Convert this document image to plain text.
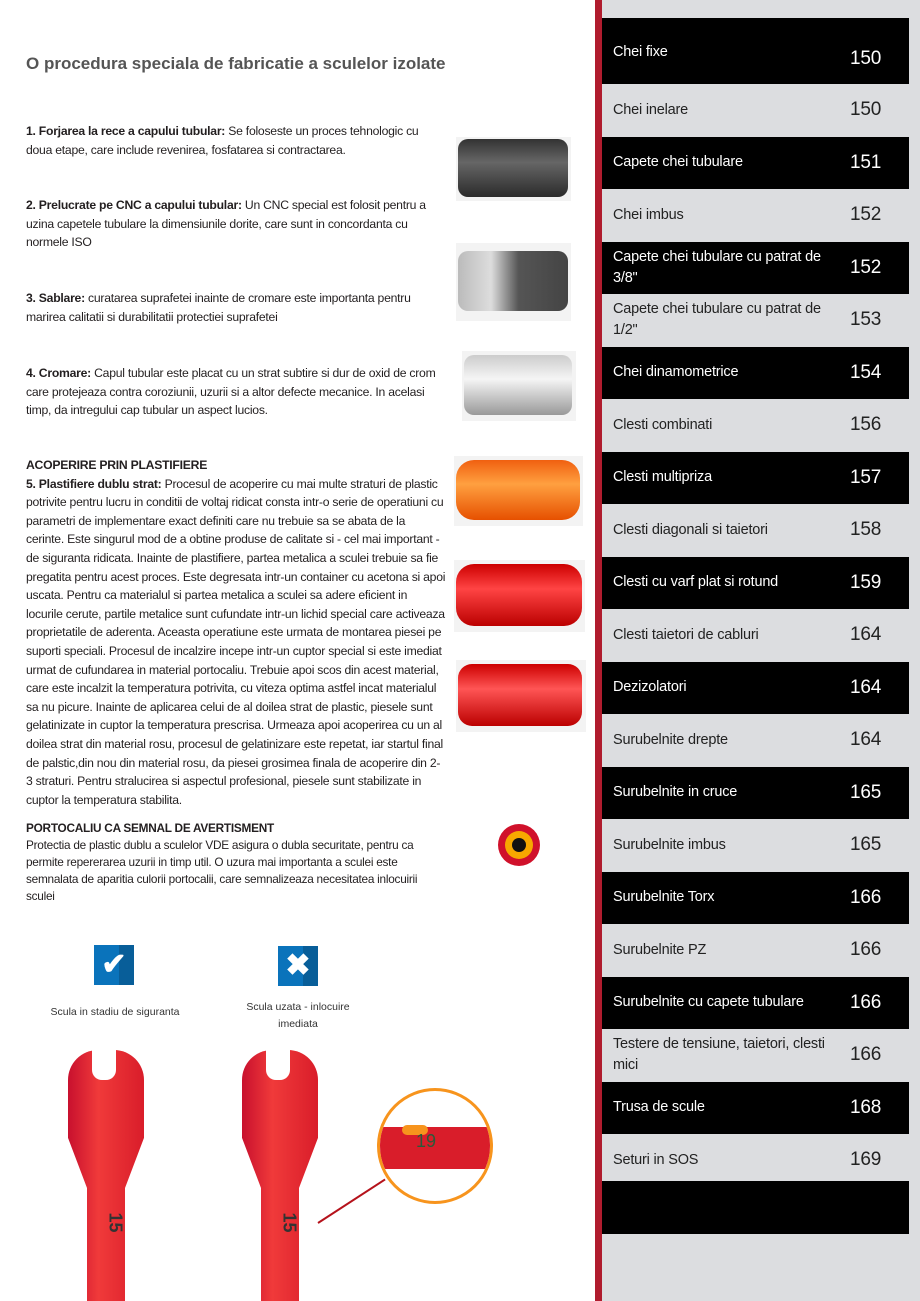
O procedura speciala de fabricatie a sculelor izolate
1. Forjarea la rece a capului tubular: Se foloseste un proces tehnologic cu doua etape, care include revenirea, fosfatarea si contractarea.
2. Prelucrate pe CNC a capului tubular: Un CNC special est folosit pentru a uzina capetele tubulare la dimensiunile dorite, care sunt in concordanta cu normele ISO
3. Sablare: curatarea suprafetei inainte de cromare este importanta pentru marirea calitatii si durabilitatii protectiei suprafetei
4. Cromare: Capul tubular este placat cu un strat subtire si dur de oxid de crom care protejeaza contra coroziunii, uzurii si a altor defecte mecanice. In acelasi timp, da intregului cap tubular un aspect lucios.
ACOPERIRE PRIN PLASTIFIERE
5. Plastifiere dublu strat: Procesul de acoperire cu mai multe straturi de plastic potrivite pentru lucru in conditii de voltaj ridicat consta intr-o serie de operatiuni cu parametri de implementare exact definiti care nu trebuie sa se abata de la cerinte. Este singurul mod de a obtine produse de calitate si - cel mai important - de siguranta ridicata. Inainte de plastifiere, partea metalica a sculei trebuie sa fie pregatita pentru acest proces. Este degresata intr-un container cu acetona si apoi uscata. Pentru ca materialul si partea metalica a sculei sa adere eficient in locurile cerute, partile metalice sunt cufundate intr-un lichid special care activeaza proprietatile de aderenta. Aceasta operatiune este urmata de montarea piesei pe suporti speciali. Procesul de incalzire incepe intr-un cuptor special si este imediat urmat de cufundarea in material portocaliu. Trebuie apoi scos din acest material, care este incalzit la temperatura potrivita, cu viteza optima astfel incat materialul sa nu picure. Inainte de aplicarea celui de al doilea strat de plastic, piesele sunt gelatinizate in cuptor la temperatura prescrisa. Urmeaza apoi acoperirea cu un al doilea strat din material rosu, procesul de gelatinizare este repetat, iar startul final de palstic,din nou din material rosu, da piesei grosimea finala de acoperire din 2-3 straturi. Pentru stralucirea si aspectul profesional, piesele sunt stabilizate in cuptor la temperatura stabilita.
PORTOCALIU CA SEMNAL DE AVERTISMENT
Protectia de plastic dublu a sculelor VDE asigura o dubla securitate, pentru ca permite repererarea uzurii in timp util. O uzura mai importanta a sculei este semnalata de aparitia culorii portocalii, care semnalizeaza necesitatea inlocuirii sculei
✔	✖
Scula in stadiu de siguranta	Scula uzata - inlocuire imediata
15	15
19
Chei fixe	150
Chei inelare	150
Capete chei tubulare	151
Chei imbus	152
Capete chei tubulare cu patrat de 3/8"	152
Capete chei tubulare cu patrat de 1/2"	153
Chei dinamometrice	154
Clesti combinati	156
Clesti multipriza	157
Clesti diagonali si taietori	158
Clesti cu varf plat si rotund	159
Clesti taietori de cabluri	164
Dezizolatori	164
Surubelnite drepte	164
Surubelnite in cruce	165
Surubelnite imbus	165
Surubelnite Torx	166
Surubelnite PZ	166
Surubelnite cu capete tubulare	166
Testere de tensiune, taietori, clesti mici	166
Trusa de scule	168
Seturi in SOS	169
